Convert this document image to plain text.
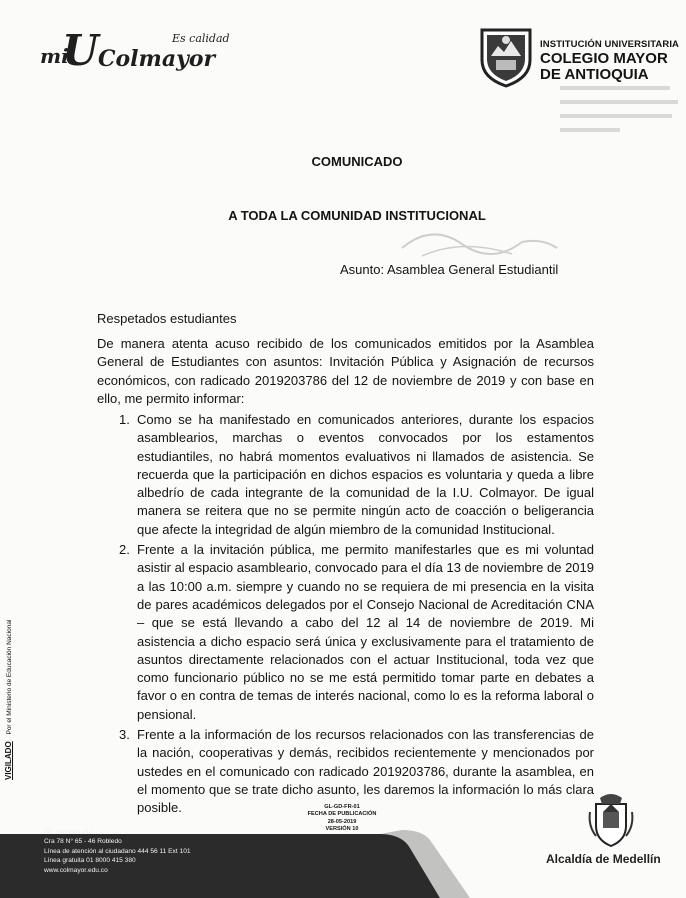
mi
U Colmayor
Es calidad	INSTITUCIÓN UNIVERSITARIA
COLEGIO MAYOR
DE ANTIOQUIA
COMUNICADO
A TODA LA COMUNIDAD INSTITUCIONAL
Asunto: Asamblea General Estudiantil
Respetados estudiantes
De manera atenta acuso recibido de los comunicados emitidos por la Asamblea General de Estudiantes con asuntos: Invitación Pública y Asignación de recursos económicos, con radicado 2019203786 del 12 de noviembre de 2019 y con base en ello, me permito informar:
1. Como se ha manifestado en comunicados anteriores, durante los espacios asamblearios, marchas o eventos convocados por los estamentos estudiantiles, no habrá momentos evaluativos ni llamados de asistencia. Se recuerda que la participación en dichos espacios es voluntaria y queda a libre albedrío de cada integrante de la comunidad de la I.U. Colmayor. De igual manera se reitera que no se permite ningún acto de coacción o beligerancia que afecte la integridad de algún miembro de la comunidad Institucional.
2. Frente a la invitación pública, me permito manifestarles que es mi voluntad asistir al espacio asambleario, convocado para el día 13 de noviembre de 2019 a las 10:00 a.m. siempre y cuando no se requiera de mi presencia en la visita de pares académicos delegados por el Consejo Nacional de Acreditación CNA – que se está llevando a cabo del 12 al 14 de noviembre de 2019. Mi asistencia a dicho espacio será única y exclusivamente para el tratamiento de asuntos directamente relacionados con el actuar Institucional, toda vez que como funcionario público no se me está permitido tomar parte en debates a favor o en contra de temas de interés nacional, como lo es la reforma laboral o pensional.
3. Frente a la información de los recursos relacionados con las transferencias de la nación, cooperativas y demás, recibidos recientemente y mencionados por ustedes en el comunicado con radicado 2019203786, durante la asamblea, en el momento que se trate dicho asunto, les daremos la información lo más clara posible.
VIGILADO Por el Ministerio de Educación Nacional
GL-GD-FR-01
FECHA DE PUBLICACIÓN
28-05-2019
VERSIÓN 10
Nit: 890980134-1
Cra 78 N° 65 - 46 Robledo
Línea de atención al ciudadano 444 56 11 Ext 101
Línea gratuita 01 8000 415 380
www.colmayor.edu.co
Alcaldía de Medellín
